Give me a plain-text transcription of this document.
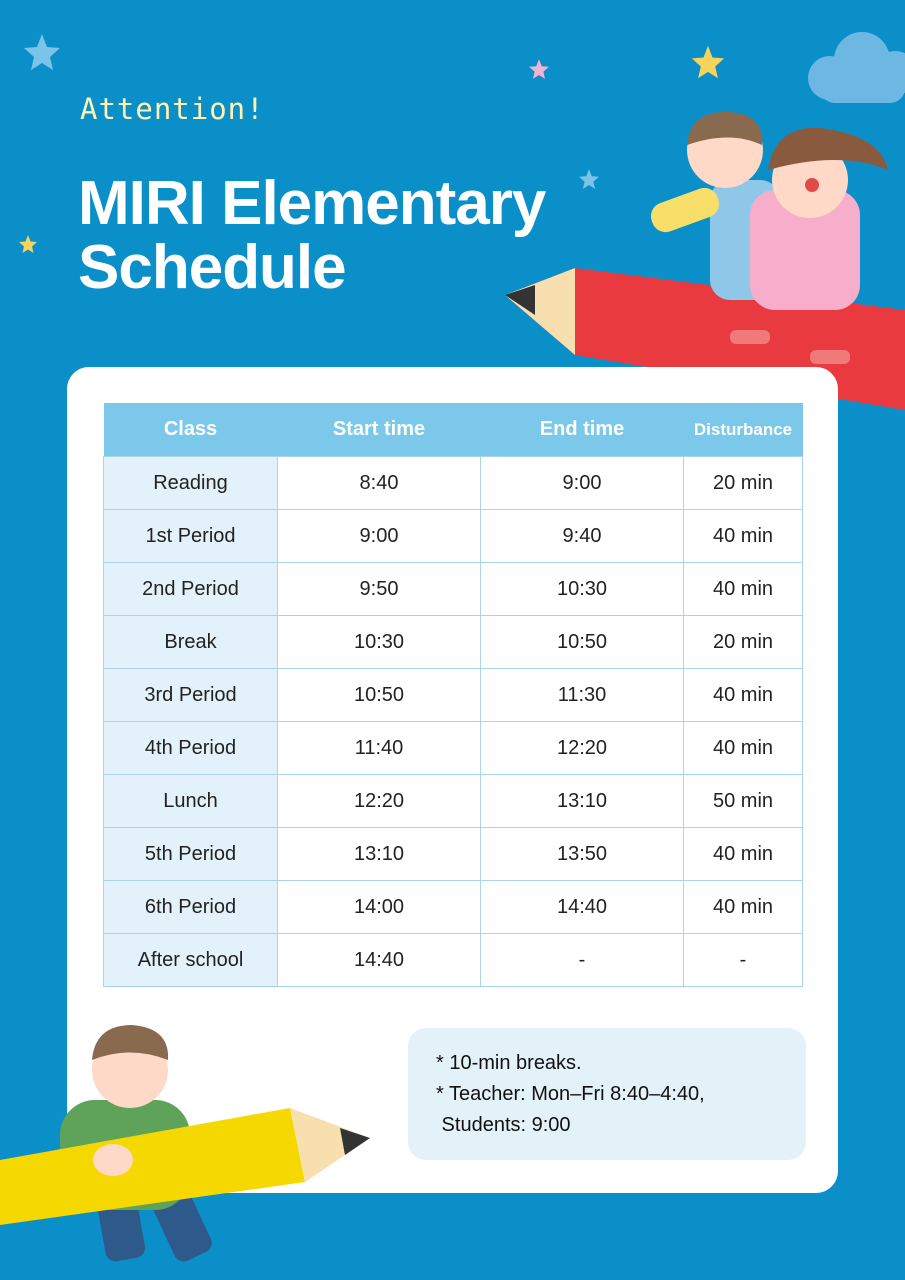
Attention!
MIRI Elementary
Schedule
Class	Start time	End time	Disturbance
Reading	8:40	9:00	20 min
1st Period	9:00	9:40	40 min
2nd Period	9:50	10:30	40 min
Break	10:30	10:50	20 min
3rd Period	10:50	11:30	40 min
4th Period	11:40	12:20	40 min
Lunch	12:20	13:10	50 min
5th Period	13:10	13:50	40 min
6th Period	14:00	14:40	40 min
After school	14:40	-	-
* 10-min breaks.
* Teacher: Mon–Fri 8:40–4:40,
Students: 9:00
